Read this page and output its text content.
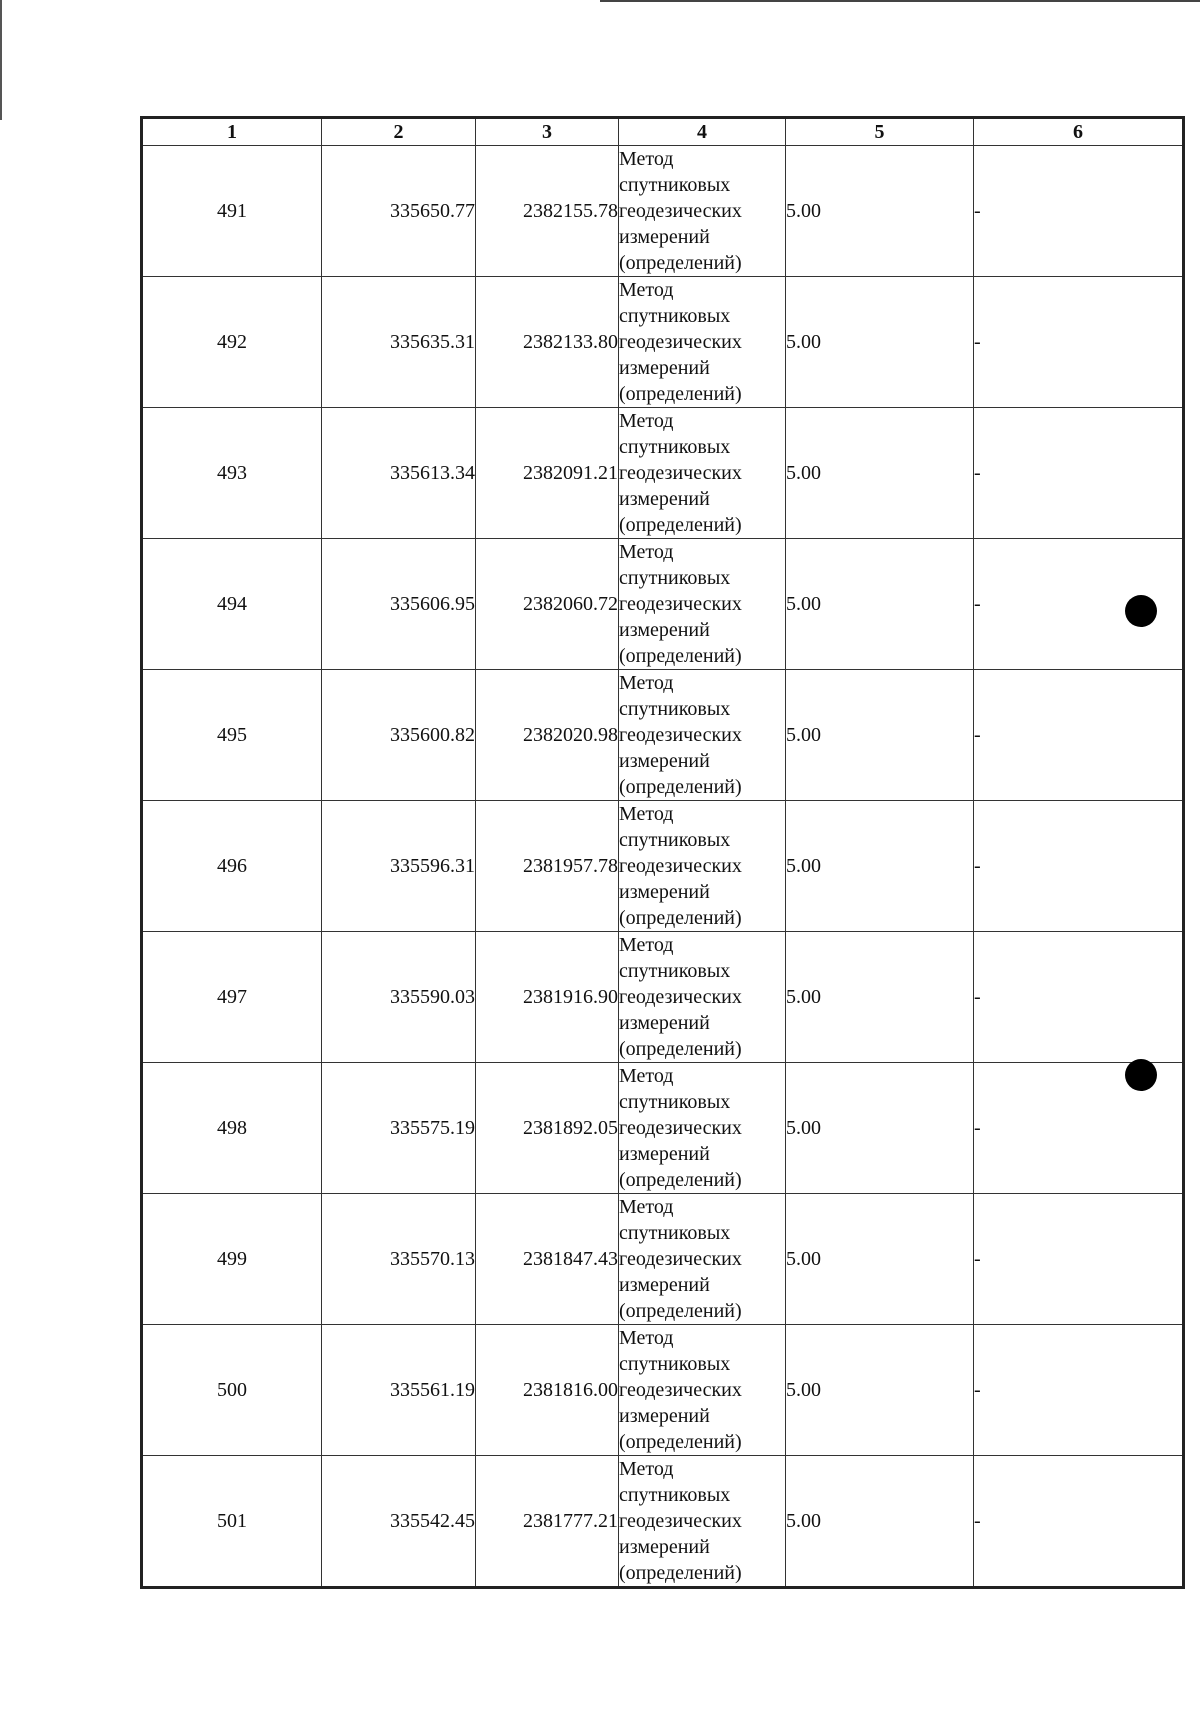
1	2	3	4	5	6
491	335650.77	2382155.78	Метод
спутниковых
геодезических
измерений
(определений)	5.00	-
492	335635.31	2382133.80	Метод
спутниковых
геодезических
измерений
(определений)	5.00	-
493	335613.34	2382091.21	Метод
спутниковых
геодезических
измерений
(определений)	5.00	-
494	335606.95	2382060.72	Метод
спутниковых
геодезических
измерений
(определений)	5.00	-
495	335600.82	2382020.98	Метод
спутниковых
геодезических
измерений
(определений)	5.00	-
496	335596.31	2381957.78	Метод
спутниковых
геодезических
измерений
(определений)	5.00	-
497	335590.03	2381916.90	Метод
спутниковых
геодезических
измерений
(определений)	5.00	-
498	335575.19	2381892.05	Метод
спутниковых
геодезических
измерений
(определений)	5.00	-
499	335570.13	2381847.43	Метод
спутниковых
геодезических
измерений
(определений)	5.00	-
500	335561.19	2381816.00	Метод
спутниковых
геодезических
измерений
(определений)	5.00	-
501	335542.45	2381777.21	Метод
спутниковых
геодезических
измерений
(определений)	5.00	-
